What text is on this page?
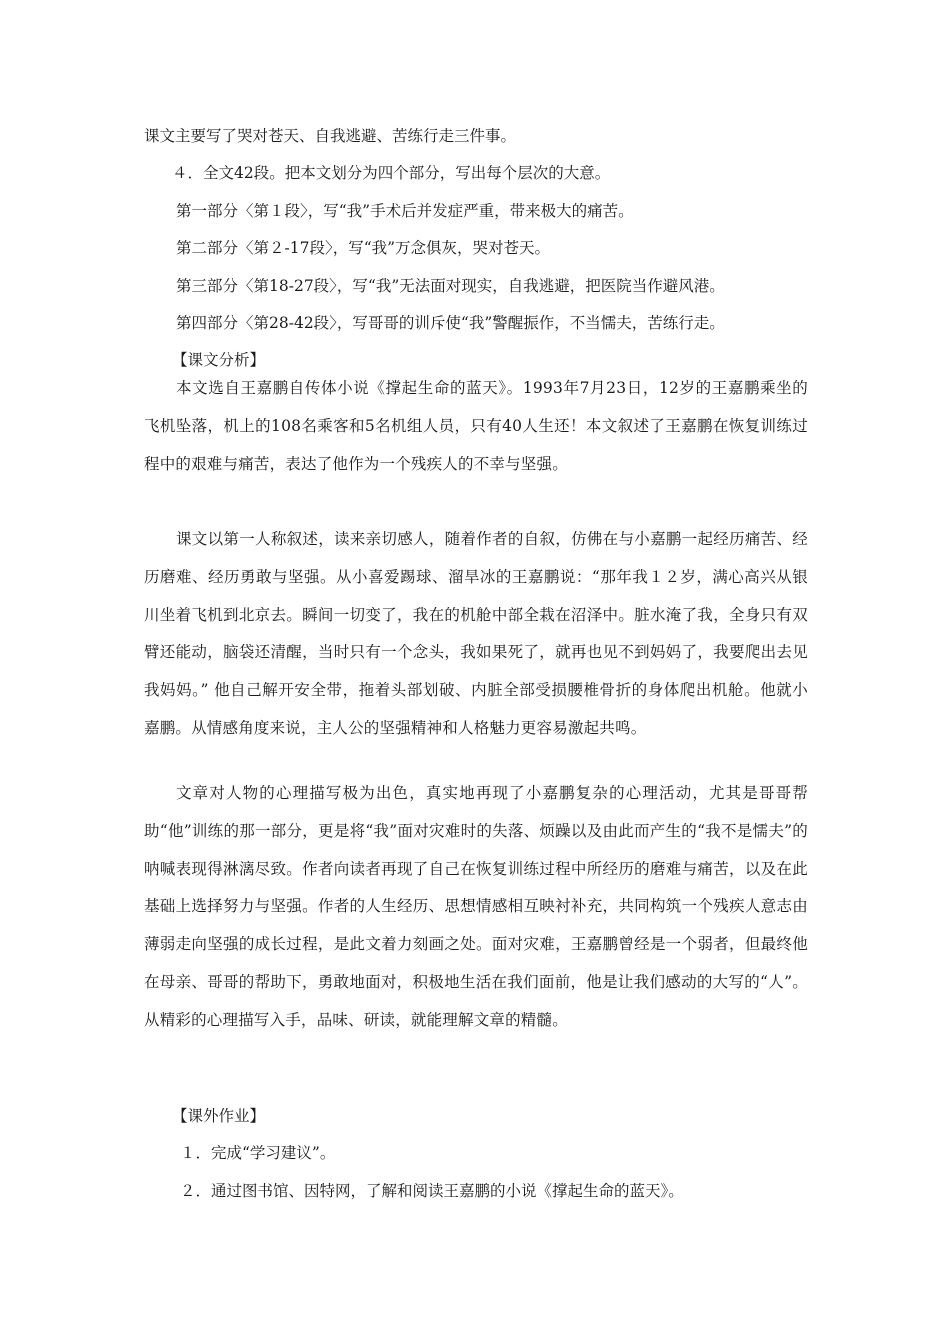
课文主要写了哭对苍天、自我逃避、苦练行走三件事。
４．全文42段。把本文划分为四个部分，写出每个层次的大意。
第一部分〈第１段〉，写“我”手术后并发症严重，带来极大的痛苦。
第二部分〈第２-17段〉，写“我”万念俱灰，哭对苍天。
第三部分〈第18-27段〉，写“我”无法面对现实，自我逃避，把医院当作避风港。
第四部分〈第28-42段〉，写哥哥的训斥使“我”警醒振作，不当懦夫，苦练行走。
【课文分析】
本文选自王嘉鹏自传体小说《撑起生命的蓝天》。1993年7月23日，12岁的王嘉鹏乘坐的飞机坠落，机上的108名乘客和5名机组人员，只有40人生还！本文叙述了王嘉鹏在恢复训练过程中的艰难与痛苦，表达了他作为一个残疾人的不幸与坚强。
课文以第一人称叙述，读来亲切感人，随着作者的自叙，仿佛在与小嘉鹏一起经历痛苦、经历磨难、经历勇敢与坚强。从小喜爱踢球、溜旱冰的王嘉鹏说：“那年我１２岁，满心高兴从银川坐着飞机到北京去。瞬间一切变了，我在的机舱中部全栽在沼泽中。脏水淹了我，全身只有双臂还能动，脑袋还清醒，当时只有一个念头，我如果死了，就再也见不到妈妈了，我要爬出去见我妈妈。” 他自己解开安全带，拖着头部划破、内脏全部受损腰椎骨折的身体爬出机舱。他就小嘉鹏。从情感角度来说，主人公的坚强精神和人格魅力更容易激起共鸣。
文章对人物的心理描写极为出色，真实地再现了小嘉鹏复杂的心理活动，尤其是哥哥帮助“他”训练的那一部分，更是将“我”面对灾难时的失落、烦躁以及由此而产生的“我不是懦夫”的呐喊表现得淋漓尽致。作者向读者再现了自己在恢复训练过程中所经历的磨难与痛苦，以及在此基础上选择努力与坚强。作者的人生经历、思想情感相互映衬补充，共同构筑一个残疾人意志由薄弱走向坚强的成长过程，是此文着力刻画之处。面对灾难，王嘉鹏曾经是一个弱者，但最终他在母亲、哥哥的帮助下，勇敢地面对，积极地生活在我们面前，他是让我们感动的大写的“人”。从精彩的心理描写入手，品味、研读，就能理解文章的精髓。
【课外作业】
１．完成“学习建议”。
２．通过图书馆、因特网，了解和阅读王嘉鹏的小说《撑起生命的蓝天》。
